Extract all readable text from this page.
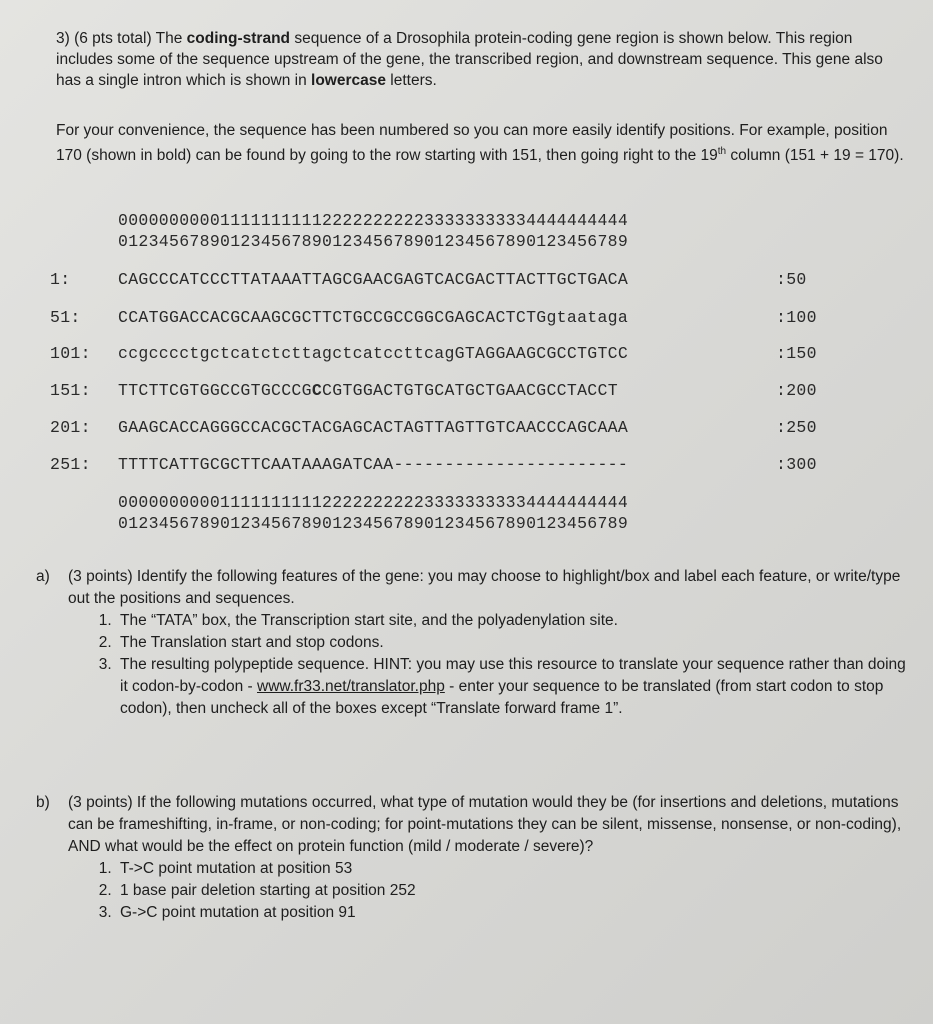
3) (6 pts total) The coding-strand sequence of a Drosophila protein-coding gene region is shown below. This region includes some of the sequence upstream of the gene, the transcribed region, and downstream sequence. This gene also has a single intron which is shown in lowercase letters.
For your convenience, the sequence has been numbered so you can more easily identify positions. For example, position 170 (shown in bold) can be found by going to the row starting with 151, then going right to the 19th column (151 + 19 = 170).
00000000001111111111222222222233333333334444444444
01234567890123456789012345678901234567890123456789
1:	CAGCCCATCCCTTATAAATTAGCGAACGAGTCACGACTTACTTGCTGACA	:50
51: CCATGGACCACGCAAGCGCTTCTGCCGCCGGCGAGCACTCTGgtaataga	:100
101: ccgcccctgctcatctcttagctcatccttcagGTAGGAAGCGCCTGTCC	:150
151: TTCTTCGTGGCCGTGCCCGCCGTGGACTGTGCATGCTGAACGCCTACCT	:200
201: GAAGCACCAGGGCCACGCTACGAGCACTAGTTAGTTGTCAACCCAGCAAA	:250
251: TTTTCATTGCGCTTCAATAAAGATCAA-----------------------	:300
00000000001111111111222222222233333333334444444444
01234567890123456789012345678901234567890123456789
a) (3 points) Identify the following features of the gene: you may choose to highlight/box and label each feature, or write/type out the positions and sequences.
1. The “TATA” box, the Transcription start site, and the polyadenylation site.
2. The Translation start and stop codons.
3. The resulting polypeptide sequence. HINT: you may use this resource to translate your sequence rather than doing it codon-by-codon - www.fr33.net/translator.php - enter your sequence to be translated (from start codon to stop codon), then uncheck all of the boxes except “Translate forward frame 1”.
b) (3 points) If the following mutations occurred, what type of mutation would they be (for insertions and deletions, mutations can be frameshifting, in-frame, or non-coding; for point-mutations they can be silent, missense, nonsense, or non-coding), AND what would be the effect on protein function (mild / moderate / severe)?
1. T->C point mutation at position 53
2. 1 base pair deletion starting at position 252
3. G->C point mutation at position 91
